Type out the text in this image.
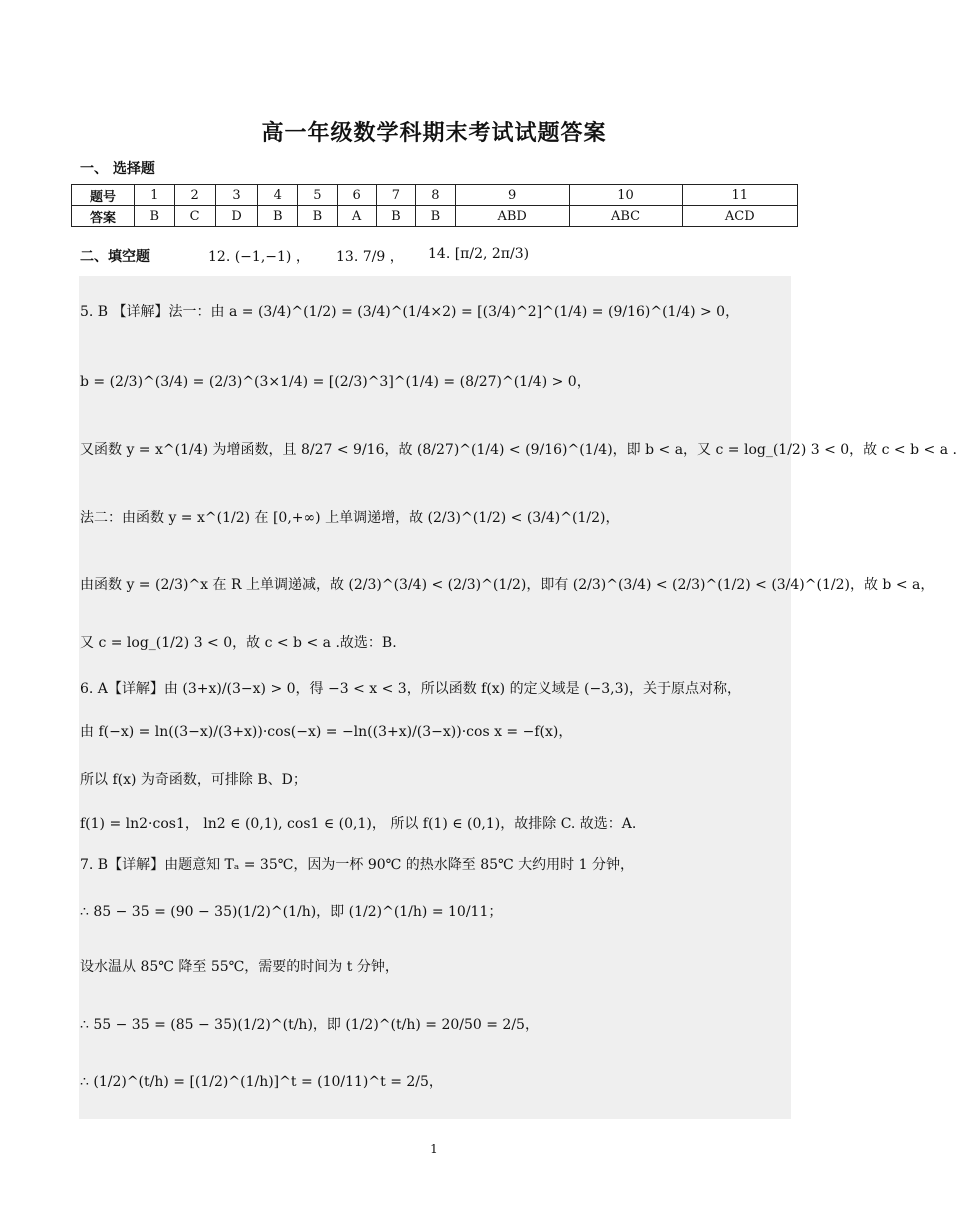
高一年级数学科期末考试试题答案
一、 选择题
题号	1	2	3	4	5	6	7	8	9	10	11
答案	B	C	D	B	B	A	B	B	ABD	ABC	ACD
二、填空题	12. (−1,−1) ， 13. 7/9 ， 14. [π/2, 2π/3)
5. B 【详解】法一：由 a = (3/4)^(1/2) = (3/4)^(1/4×2) = [(3/4)^2]^(1/4) = (9/16)^(1/4) > 0，
b = (2/3)^(3/4) = (2/3)^(3×1/4) = [(2/3)^3]^(1/4) = (8/27)^(1/4) > 0，
又函数 y = x^(1/4) 为增函数，且 8/27 < 9/16，故 (8/27)^(1/4) < (9/16)^(1/4)，即 b < a，又 c = log_(1/2) 3 < 0，故 c < b < a .
法二：由函数 y = x^(1/2) 在 [0,+∞) 上单调递增，故 (2/3)^(1/2) < (3/4)^(1/2)，
由函数 y = (2/3)^x 在 R 上单调递减，故 (2/3)^(3/4) < (2/3)^(1/2)，即有 (2/3)^(3/4) < (2/3)^(1/2) < (3/4)^(1/2)，故 b < a，
又 c = log_(1/2) 3 < 0，故 c < b < a .故选：B.
6. A【详解】由 (3+x)/(3−x) > 0，得 −3 < x < 3，所以函数 f(x) 的定义域是 (−3,3)，关于原点对称，
由 f(−x) = ln((3−x)/(3+x))·cos(−x) = −ln((3+x)/(3−x))·cos x = −f(x)，
所以 f(x) 为奇函数，可排除 B、D；
f(1) = ln2·cos1， ln2 ∈ (0,1), cos1 ∈ (0,1)， 所以 f(1) ∈ (0,1)，故排除 C. 故选：A.
7. B【详解】由题意知 Tₐ = 35℃，因为一杯 90℃ 的热水降至 85℃ 大约用时 1 分钟，
∴ 85 − 35 = (90 − 35)(1/2)^(1/h)，即 (1/2)^(1/h) = 10/11；
设水温从 85℃ 降至 55℃，需要的时间为 t 分钟，
∴ 55 − 35 = (85 − 35)(1/2)^(t/h)，即 (1/2)^(t/h) = 20/50 = 2/5，
∴ (1/2)^(t/h) = [(1/2)^(1/h)]^t = (10/11)^t = 2/5，
1
